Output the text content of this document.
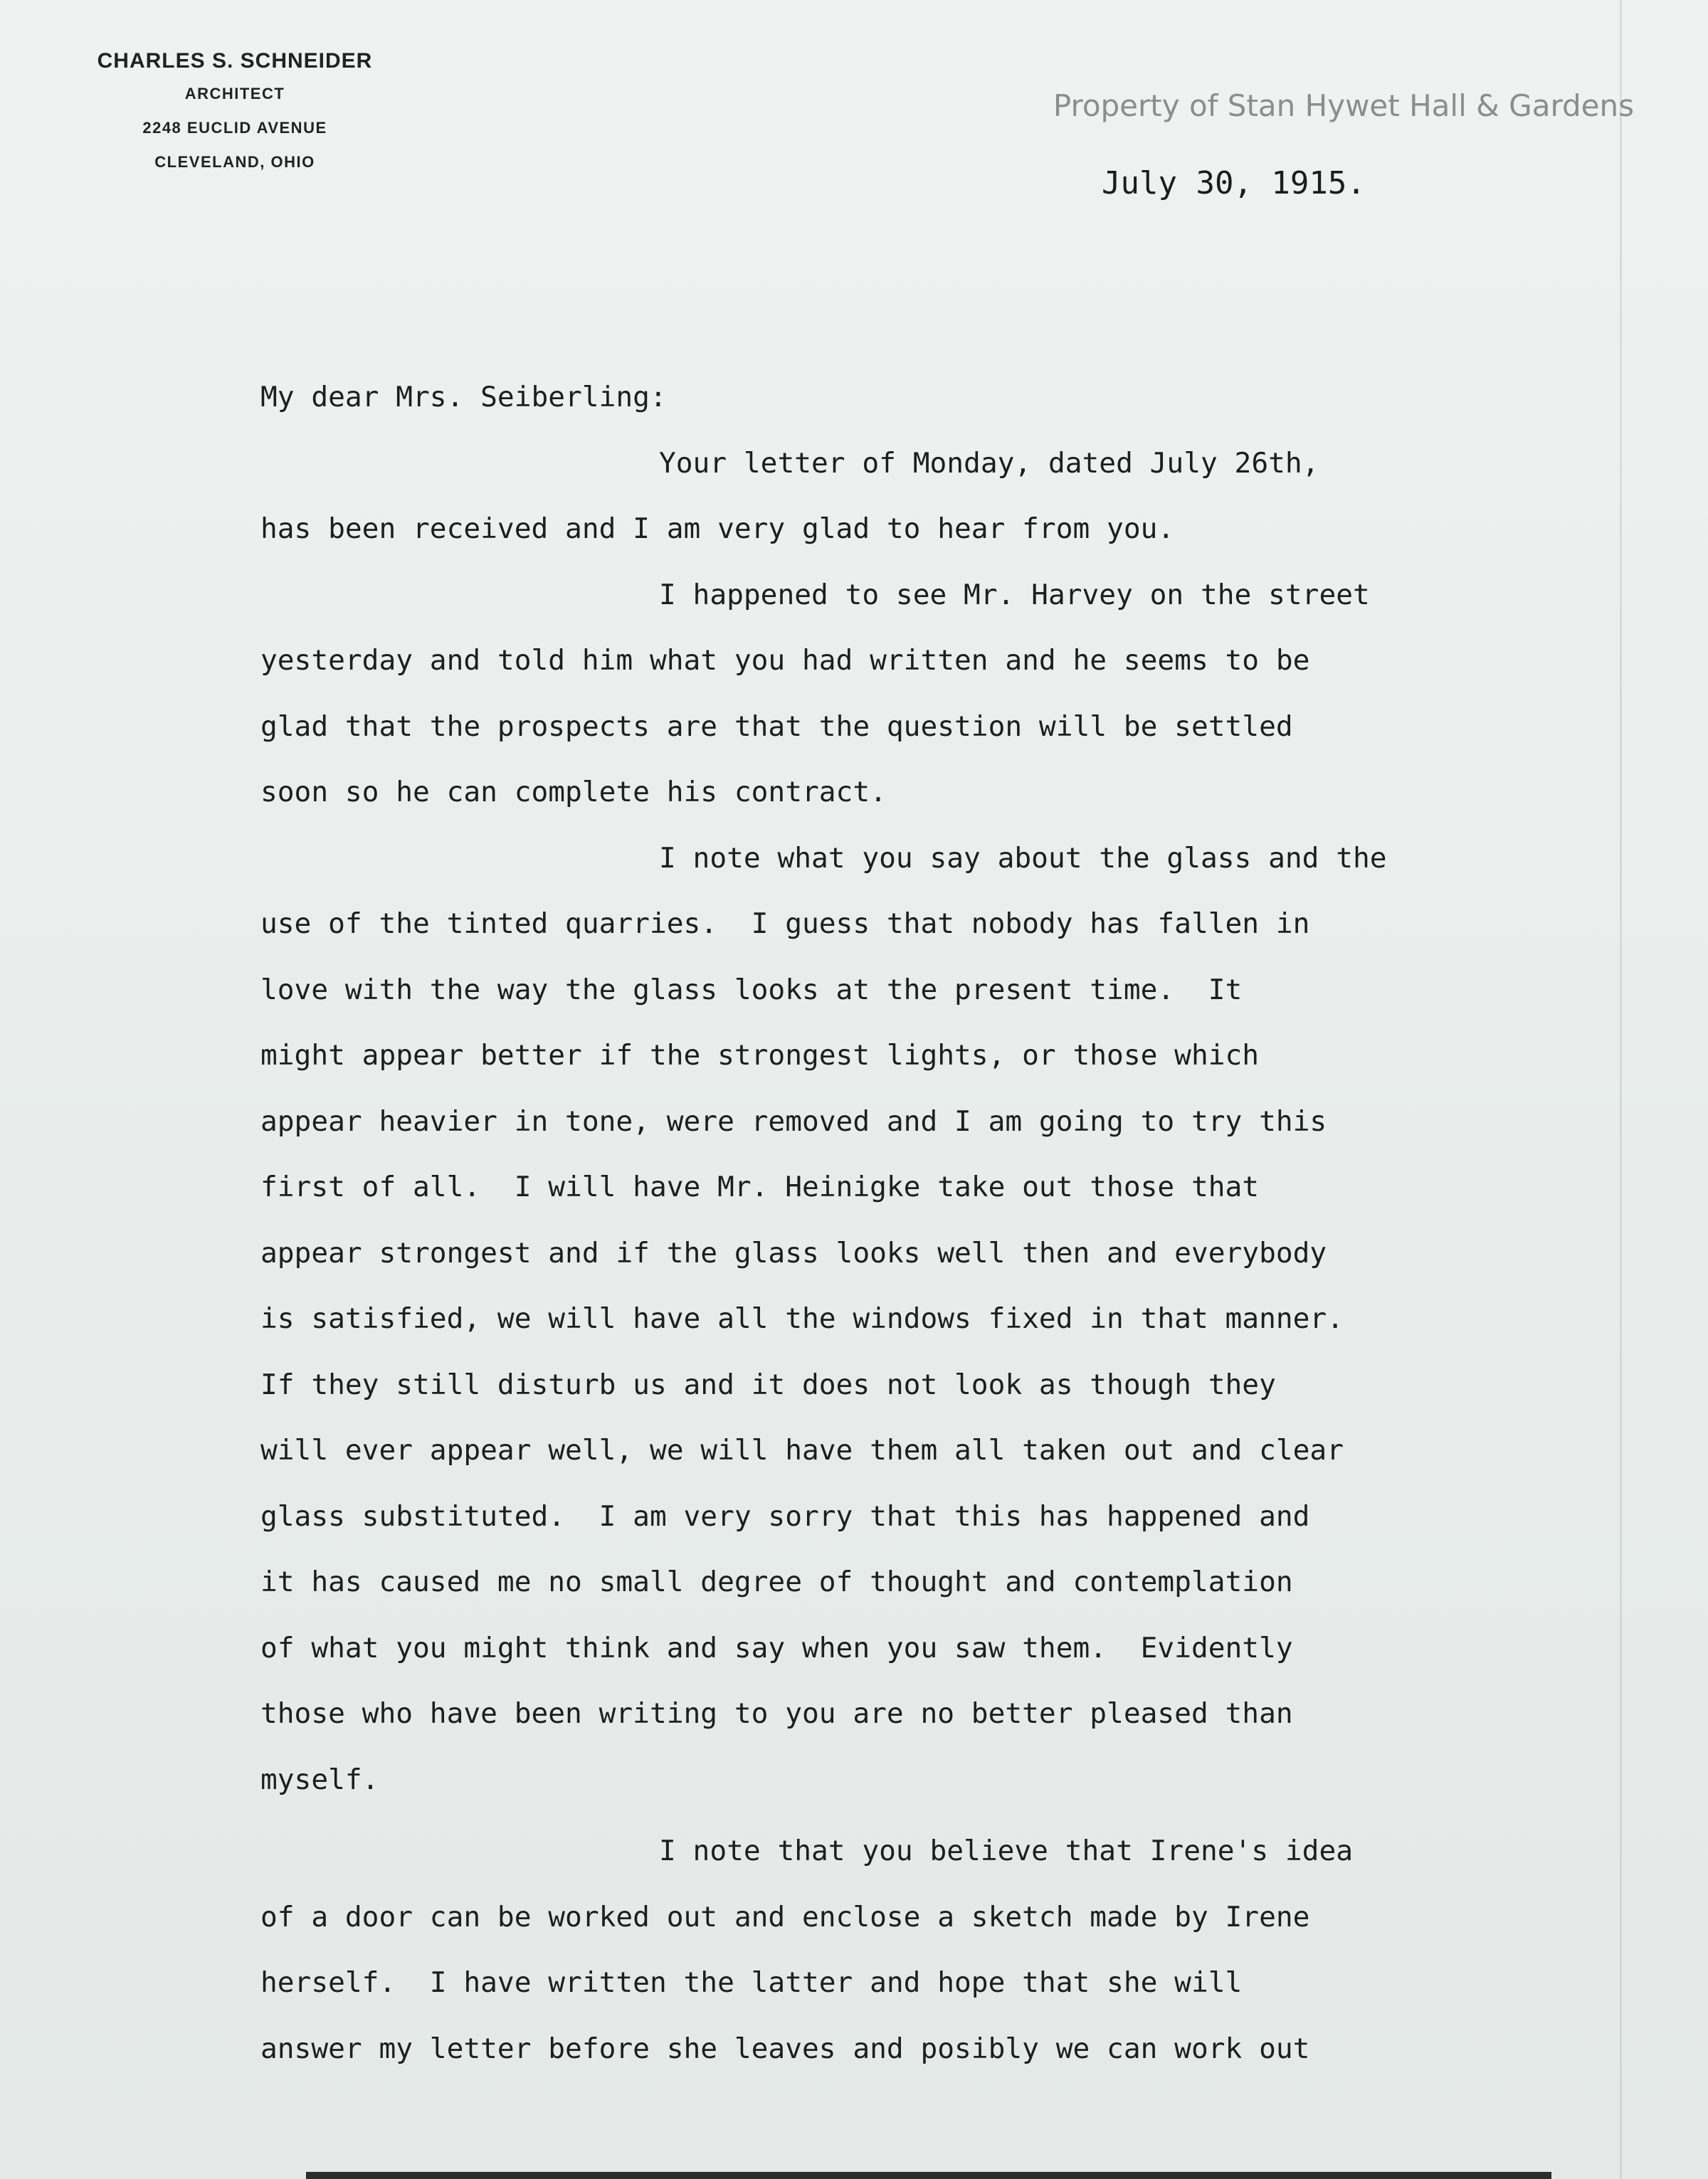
CHARLES S. SCHNEIDER
ARCHITECT
2248 EUCLID AVENUE
CLEVELAND, OHIO
Property of Stan Hywet Hall & Gardens
July 30, 1915.
My dear Mrs. Seiberling:
Your letter of Monday, dated July 26th,
has been received and I am very glad to hear from you.
I happened to see Mr. Harvey on the street
yesterday and told him what you had written and he seems to be
glad that the prospects are that the question will be settled
soon so he can complete his contract.
I note what you say about the glass and the
use of the tinted quarries.  I guess that nobody has fallen in
love with the way the glass looks at the present time.  It
might appear better if the strongest lights, or those which
appear heavier in tone, were removed and I am going to try this
first of all.  I will have Mr. Heinigke take out those that
appear strongest and if the glass looks well then and everybody
is satisfied, we will have all the windows fixed in that manner.
If they still disturb us and it does not look as though they
will ever appear well, we will have them all taken out and clear
glass substituted.  I am very sorry that this has happened and
it has caused me no small degree of thought and contemplation
of what you might think and say when you saw them.  Evidently
those who have been writing to you are no better pleased than
myself.
I note that you believe that Irene's idea
of a door can be worked out and enclose a sketch made by Irene
herself.  I have written the latter and hope that she will
answer my letter before she leaves and posibly we can work out
